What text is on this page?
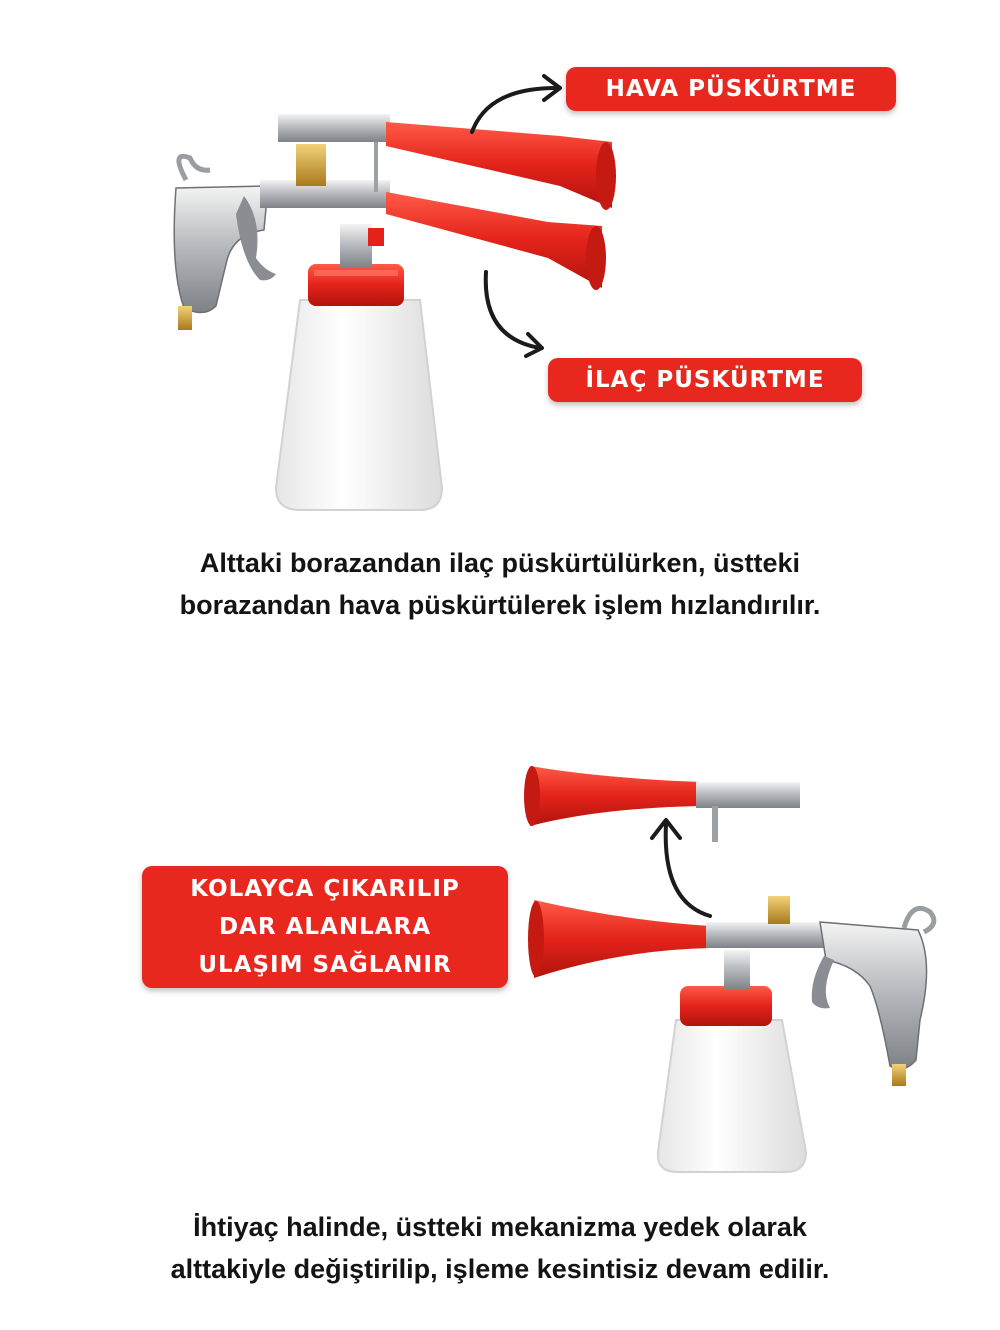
HAVA PÜSKÜRTME
İLAÇ PÜSKÜRTME
Alttaki borazandan ilaç püskürtülürken, üstteki
borazandan hava püskürtülerek işlem hızlandırılır.
KOLAYCA ÇIKARILIP
DAR ALANLARA
ULAŞIM SAĞLANIR
İhtiyaç halinde, üstteki mekanizma yedek olarak
alttakiyle değiştirilip, işleme kesintisiz devam edilir.
